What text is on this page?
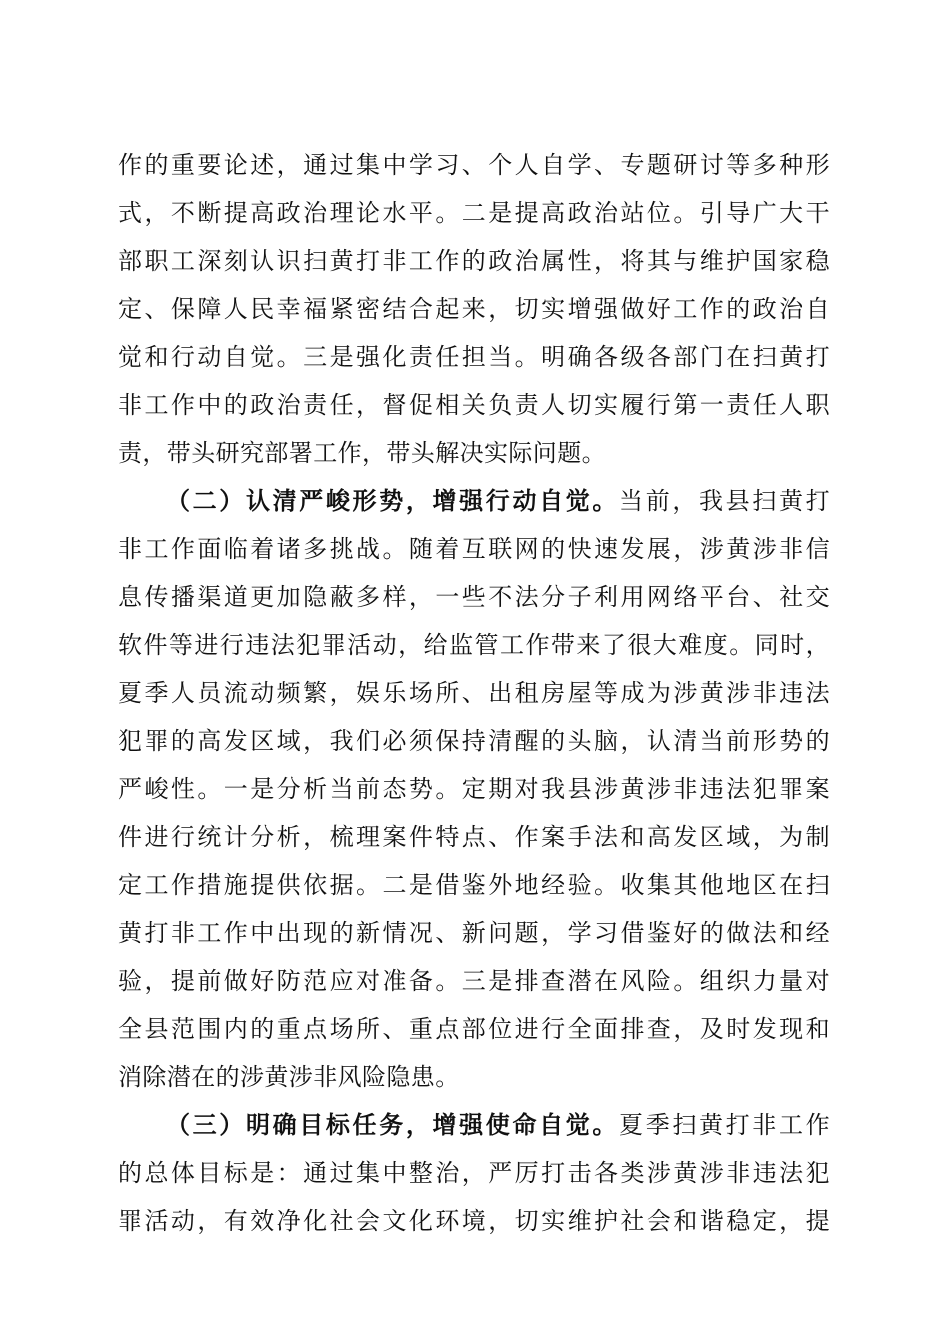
作的重要论述，通过集中学习、个人自学、专题研讨等多种形
式，不断提高政治理论水平。二是提高政治站位。引导广大干
部职工深刻认识扫黄打非工作的政治属性，将其与维护国家稳
定、保障人民幸福紧密结合起来，切实增强做好工作的政治自
觉和行动自觉。三是强化责任担当。明确各级各部门在扫黄打
非工作中的政治责任，督促相关负责人切实履行第一责任人职
责，带头研究部署工作，带头解决实际问题。
（二）认清严峻形势，增强行动自觉。当前，我县扫黄打
非工作面临着诸多挑战。随着互联网的快速发展，涉黄涉非信
息传播渠道更加隐蔽多样，一些不法分子利用网络平台、社交
软件等进行违法犯罪活动，给监管工作带来了很大难度。同时，
夏季人员流动频繁，娱乐场所、出租房屋等成为涉黄涉非违法
犯罪的高发区域，我们必须保持清醒的头脑，认清当前形势的
严峻性。一是分析当前态势。定期对我县涉黄涉非违法犯罪案
件进行统计分析，梳理案件特点、作案手法和高发区域，为制
定工作措施提供依据。二是借鉴外地经验。收集其他地区在扫
黄打非工作中出现的新情况、新问题，学习借鉴好的做法和经
验，提前做好防范应对准备。三是排查潜在风险。组织力量对
全县范围内的重点场所、重点部位进行全面排查，及时发现和
消除潜在的涉黄涉非风险隐患。
（三）明确目标任务，增强使命自觉。夏季扫黄打非工作
的总体目标是：通过集中整治，严厉打击各类涉黄涉非违法犯
罪活动，有效净化社会文化环境，切实维护社会和谐稳定，提
